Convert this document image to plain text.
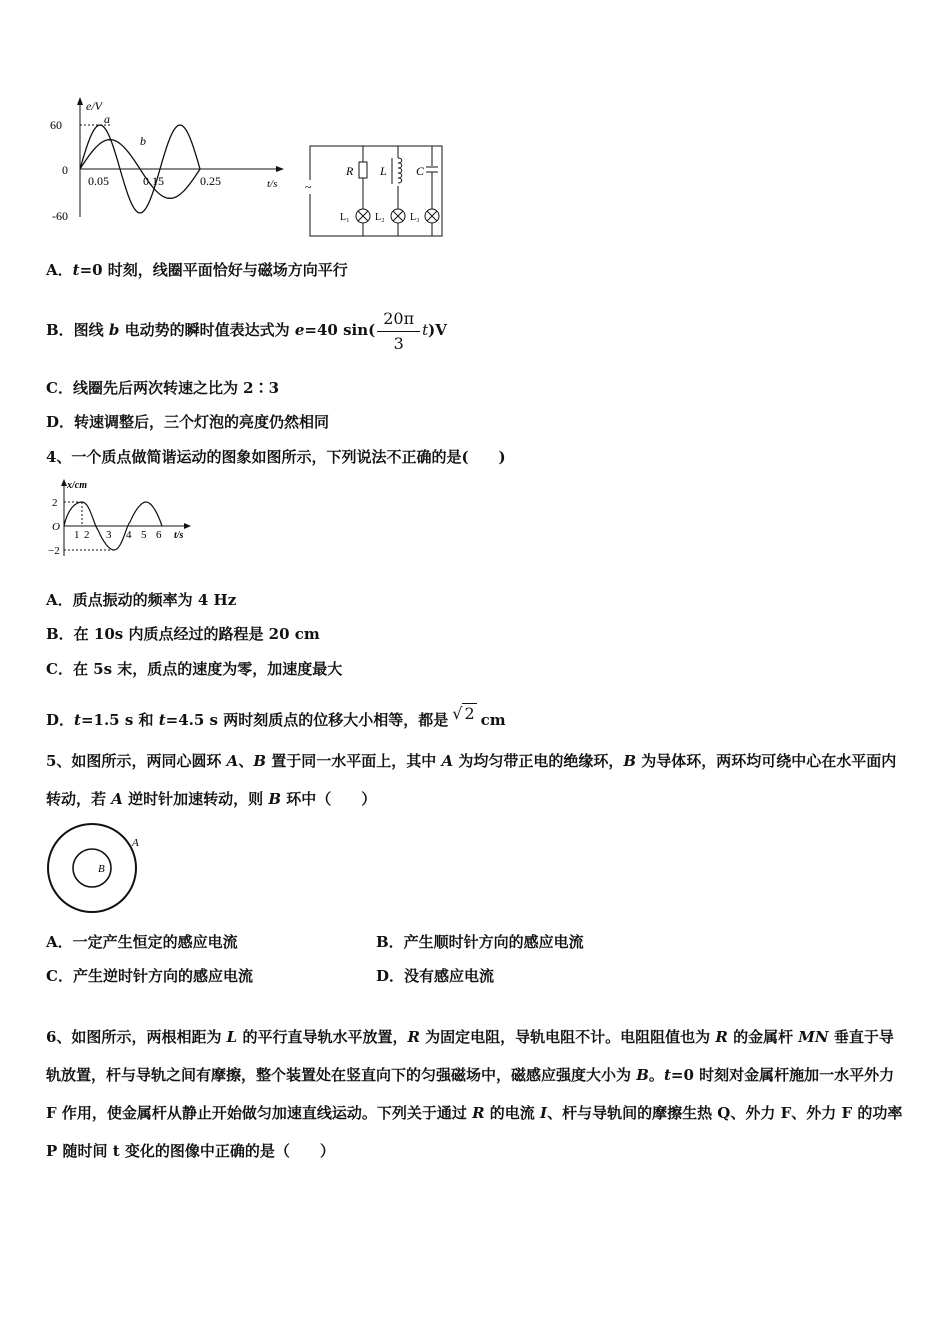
60
-60
0
e/V
t/s
0.05	0.15	0.25
a
b
~
R L C
L₁	L₂	L₃
A．t=0 时刻，线圈平面恰好与磁场方向平行
B．图线 b 电动势的瞬时值表达式为 e=40 $\sin( \frac{20\pi}{3} t)V$
C．线圈先后两次转速之比为 2∶3
D．转速调整后，三个灯泡的亮度仍然相同
4、一个质点做简谐运动的图象如图所示，下列说法不正确的是(　　)
2
−2
O
x/cm
t/s
1 2 3 4 5 6
A．质点振动的频率为 4 Hz
B．在 10s 内质点经过的路程是 20 cm
C．在 5s 末，质点的速度为零，加速度最大
D．t=1.5 s 和 t=4.5 s 两时刻质点的位移大小相等，都是 √ 2 cm
5、如图所示，两同心圆环 A、B 置于同一水平面上，其中 A 为均匀带正电的绝缘环，B 为导体环，两环均可绕中心在水平面内转动，若 A 逆时针加速转动，则 B 环中（　　）
A
B
A．一定产生恒定的感应电流	B．产生顺时针方向的感应电流
C．产生逆时针方向的感应电流	D．没有感应电流
6、如图所示，两根相距为 L 的平行直导轨水平放置，R 为固定电阻，导轨电阻不计。电阻阻值也为 R 的金属杆 MN 垂直于导轨放置，杆与导轨之间有摩擦，整个装置处在竖直向下的匀强磁场中，磁感应强度大小为 B。t=0 时刻对金属杆施加一水平外力 F 作用，使金属杆从静止开始做匀加速直线运动。下列关于通过 R 的电流 I、杆与导轨间的摩擦生热 Q、外力 F、外力 F 的功率 P 随时间 t 变化的图像中正确的是（　　）
